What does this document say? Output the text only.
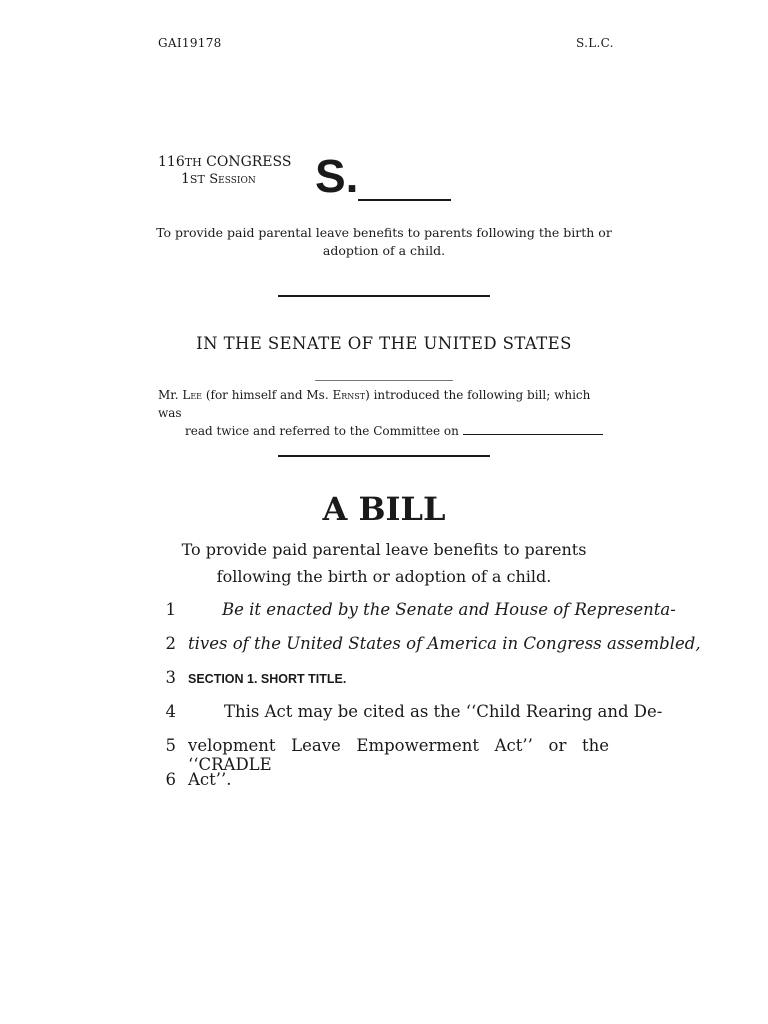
GAI19178	S.L.C.
116TH CONGRESS
1ST Session	S.
To provide paid parental leave benefits to parents following the birth or adoption of a child.
IN THE SENATE OF THE UNITED STATES
Mr. Lee (for himself and Ms. Ernst) introduced the following bill; which was
read twice and referred to the Committee on
A BILL
To provide paid parental leave benefits to parents following the birth or adoption of a child.
1	Be it enacted by the Senate and House of Representa-
2 tives of the United States of America in Congress assembled,
3 SECTION 1. SHORT TITLE.
4	This Act may be cited as the ‘‘Child Rearing and De-
5 velopment Leave Empowerment Act’’ or the ‘‘CRADLE
6 Act’’.
